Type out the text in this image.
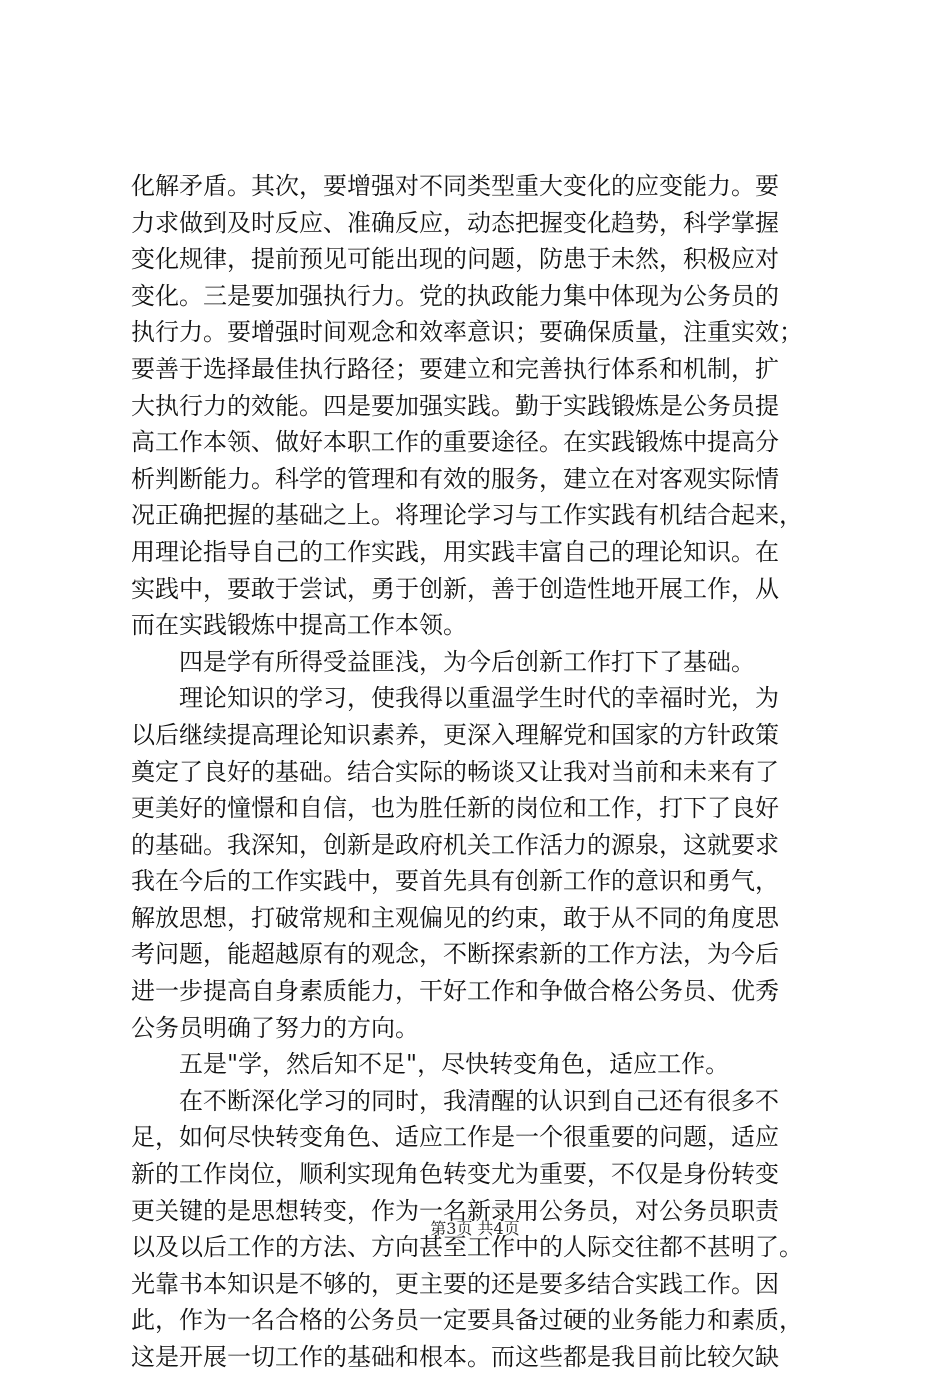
化解矛盾。其次，要增强对不同类型重大变化的应变能力。要
力求做到及时反应、准确反应，动态把握变化趋势，科学掌握
变化规律，提前预见可能出现的问题，防患于未然，积极应对
变化。三是要加强执行力。党的执政能力集中体现为公务员的
执行力。要增强时间观念和效率意识；要确保质量，注重实效；
要善于选择最佳执行路径；要建立和完善执行体系和机制，扩
大执行力的效能。四是要加强实践。勤于实践锻炼是公务员提
高工作本领、做好本职工作的重要途径。在实践锻炼中提高分
析判断能力。科学的管理和有效的服务，建立在对客观实际情
况正确把握的基础之上。将理论学习与工作实践有机结合起来，
用理论指导自己的工作实践，用实践丰富自己的理论知识。在
实践中，要敢于尝试，勇于创新，善于创造性地开展工作，从
而在实践锻炼中提高工作本领。
　　四是学有所得受益匪浅，为今后创新工作打下了基础。
　　理论知识的学习，使我得以重温学生时代的幸福时光，为
以后继续提高理论知识素养，更深入理解党和国家的方针政策
奠定了良好的基础。结合实际的畅谈又让我对当前和未来有了
更美好的憧憬和自信，也为胜任新的岗位和工作，打下了良好
的基础。我深知，创新是政府机关工作活力的源泉，这就要求
我在今后的工作实践中，要首先具有创新工作的意识和勇气，
解放思想，打破常规和主观偏见的约束，敢于从不同的角度思
考问题，能超越原有的观念，不断探索新的工作方法，为今后
进一步提高自身素质能力，干好工作和争做合格公务员、优秀
公务员明确了努力的方向。
　　五是"学，然后知不足"，尽快转变角色，适应工作。
　　在不断深化学习的同时，我清醒的认识到自己还有很多不
足，如何尽快转变角色、适应工作是一个很重要的问题，适应
新的工作岗位，顺利实现角色转变尤为重要，不仅是身份转变
更关键的是思想转变，作为一名新录用公务员，对公务员职责
以及以后工作的方法、方向甚至工作中的人际交往都不甚明了。
光靠书本知识是不够的，更主要的还是要多结合实践工作。因
此，作为一名合格的公务员一定要具备过硬的业务能力和素质，
这是开展一切工作的基础和根本。而这些都是我目前比较欠缺
第3页 共4页
